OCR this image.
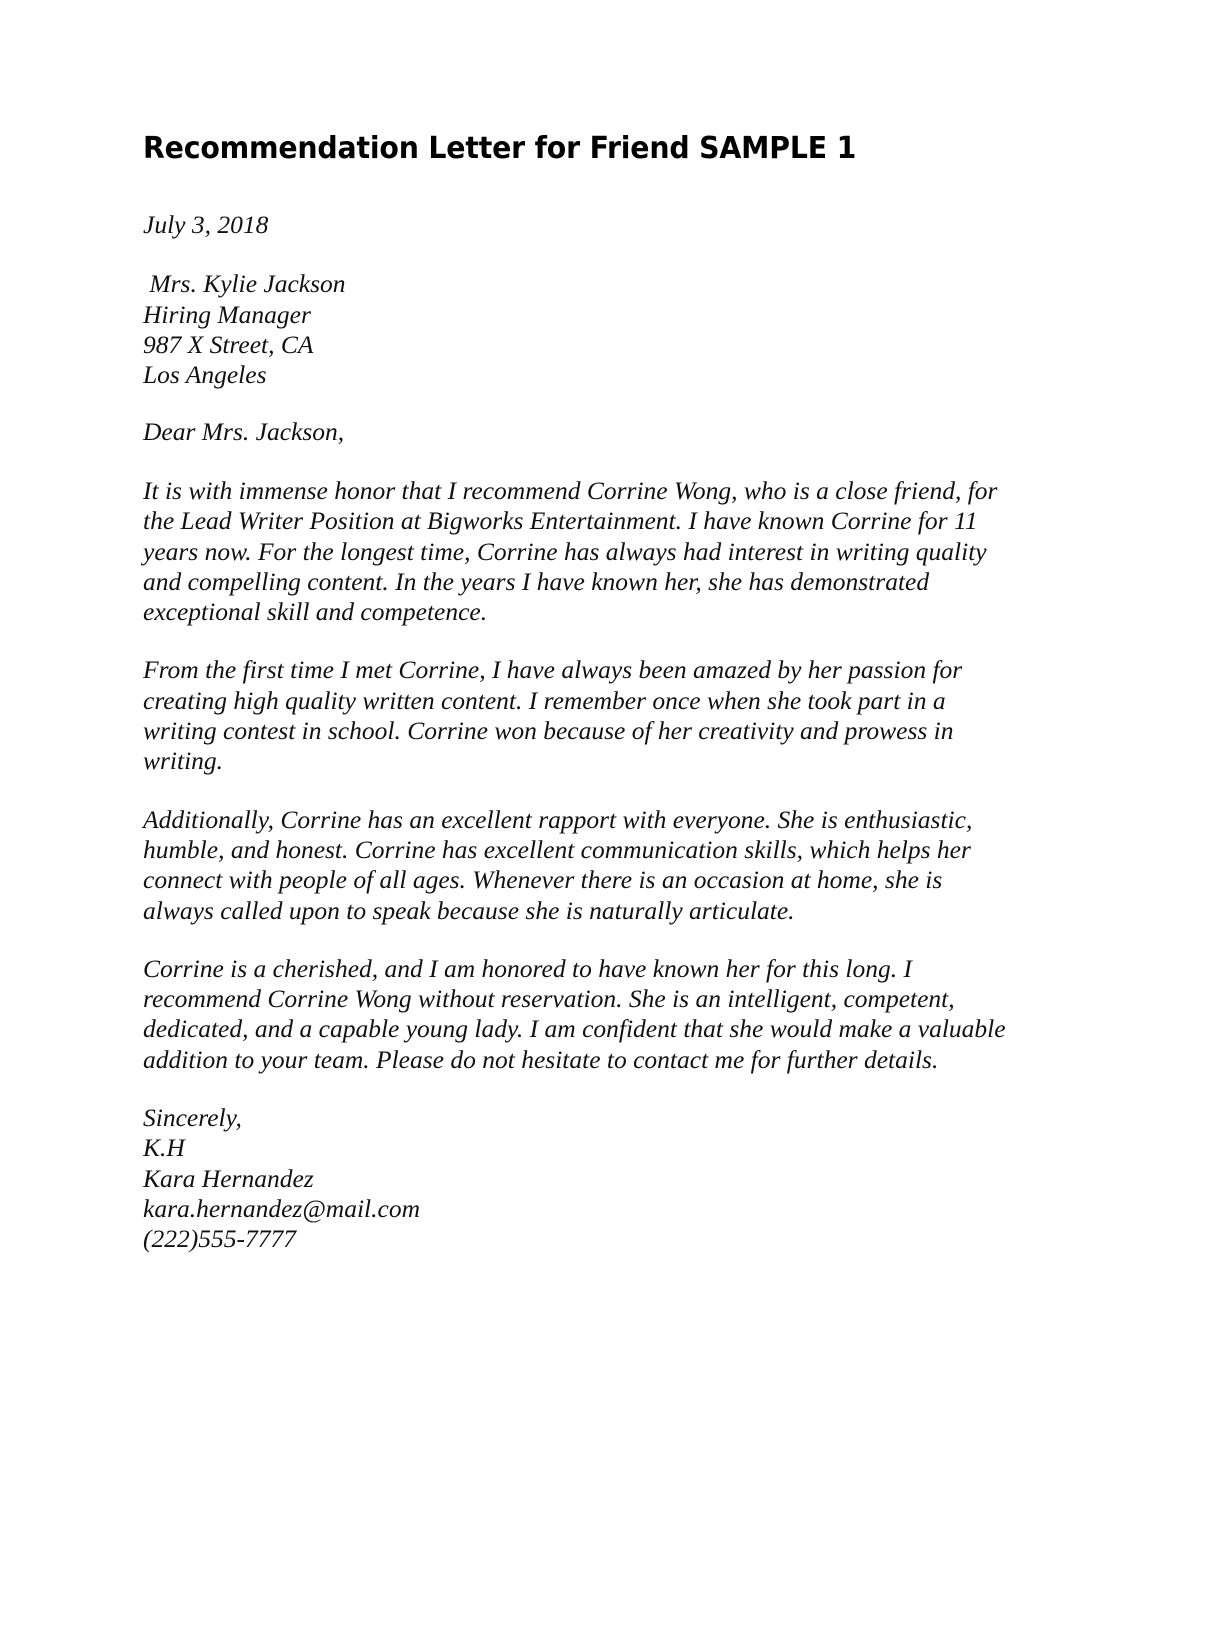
Recommendation Letter for Friend SAMPLE 1

July 3, 2018

Mrs. Kylie Jackson

Hiring Manager

987 X Street, CA

Los Angeles

Dear Mrs. Jackson,

It is with immense honor that I recommend Corrine Wong, who is a close friend, for the Lead Writer Position at Bigworks Entertainment. I have known Corrine for 11 years now. For the longest time, Corrine has always had interest in writing quality and compelling content. In the years I have known her, she has demonstrated exceptional skill and competence.

From the first time I met Corrine, I have always been amazed by her passion for creating high quality written content. I remember once when she took part in a writing contest in school. Corrine won because of her creativity and prowess in writing.

Additionally, Corrine has an excellent rapport with everyone. She is enthusiastic, humble, and honest. Corrine has excellent communication skills, which helps her connect with people of all ages. Whenever there is an occasion at home, she is always called upon to speak because she is naturally articulate.

Corrine is a cherished, and I am honored to have known her for this long. I recommend Corrine Wong without reservation. She is an intelligent, competent, dedicated, and a capable young lady. I am confident that she would make a valuable addition to your team. Please do not hesitate to contact me for further details.

Sincerely,

K.H

Kara Hernandez

kara.hernandez@mail.com

(222)555-7777
